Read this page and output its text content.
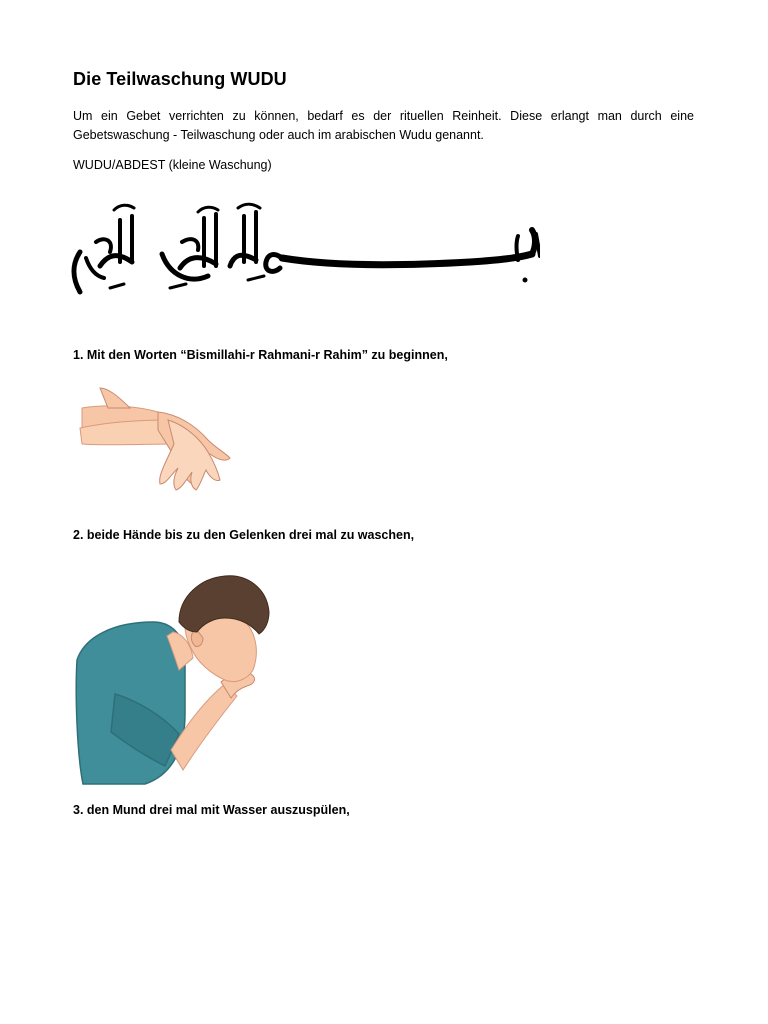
Die Teilwaschung WUDU

Um ein Gebet verrichten zu können, bedarf es der rituellen Reinheit. Diese erlangt man durch eine Gebetswaschung - Teilwaschung oder auch im arabischen Wudu genannt.

WUDU/ABDEST (kleine Waschung)

1. Mit den Worten “Bismillahi-r Rahmani-r Rahim” zu beginnen,

2. beide Hände bis zu den Gelenken drei mal zu waschen,

3. den Mund drei mal mit Wasser auszuspülen,
